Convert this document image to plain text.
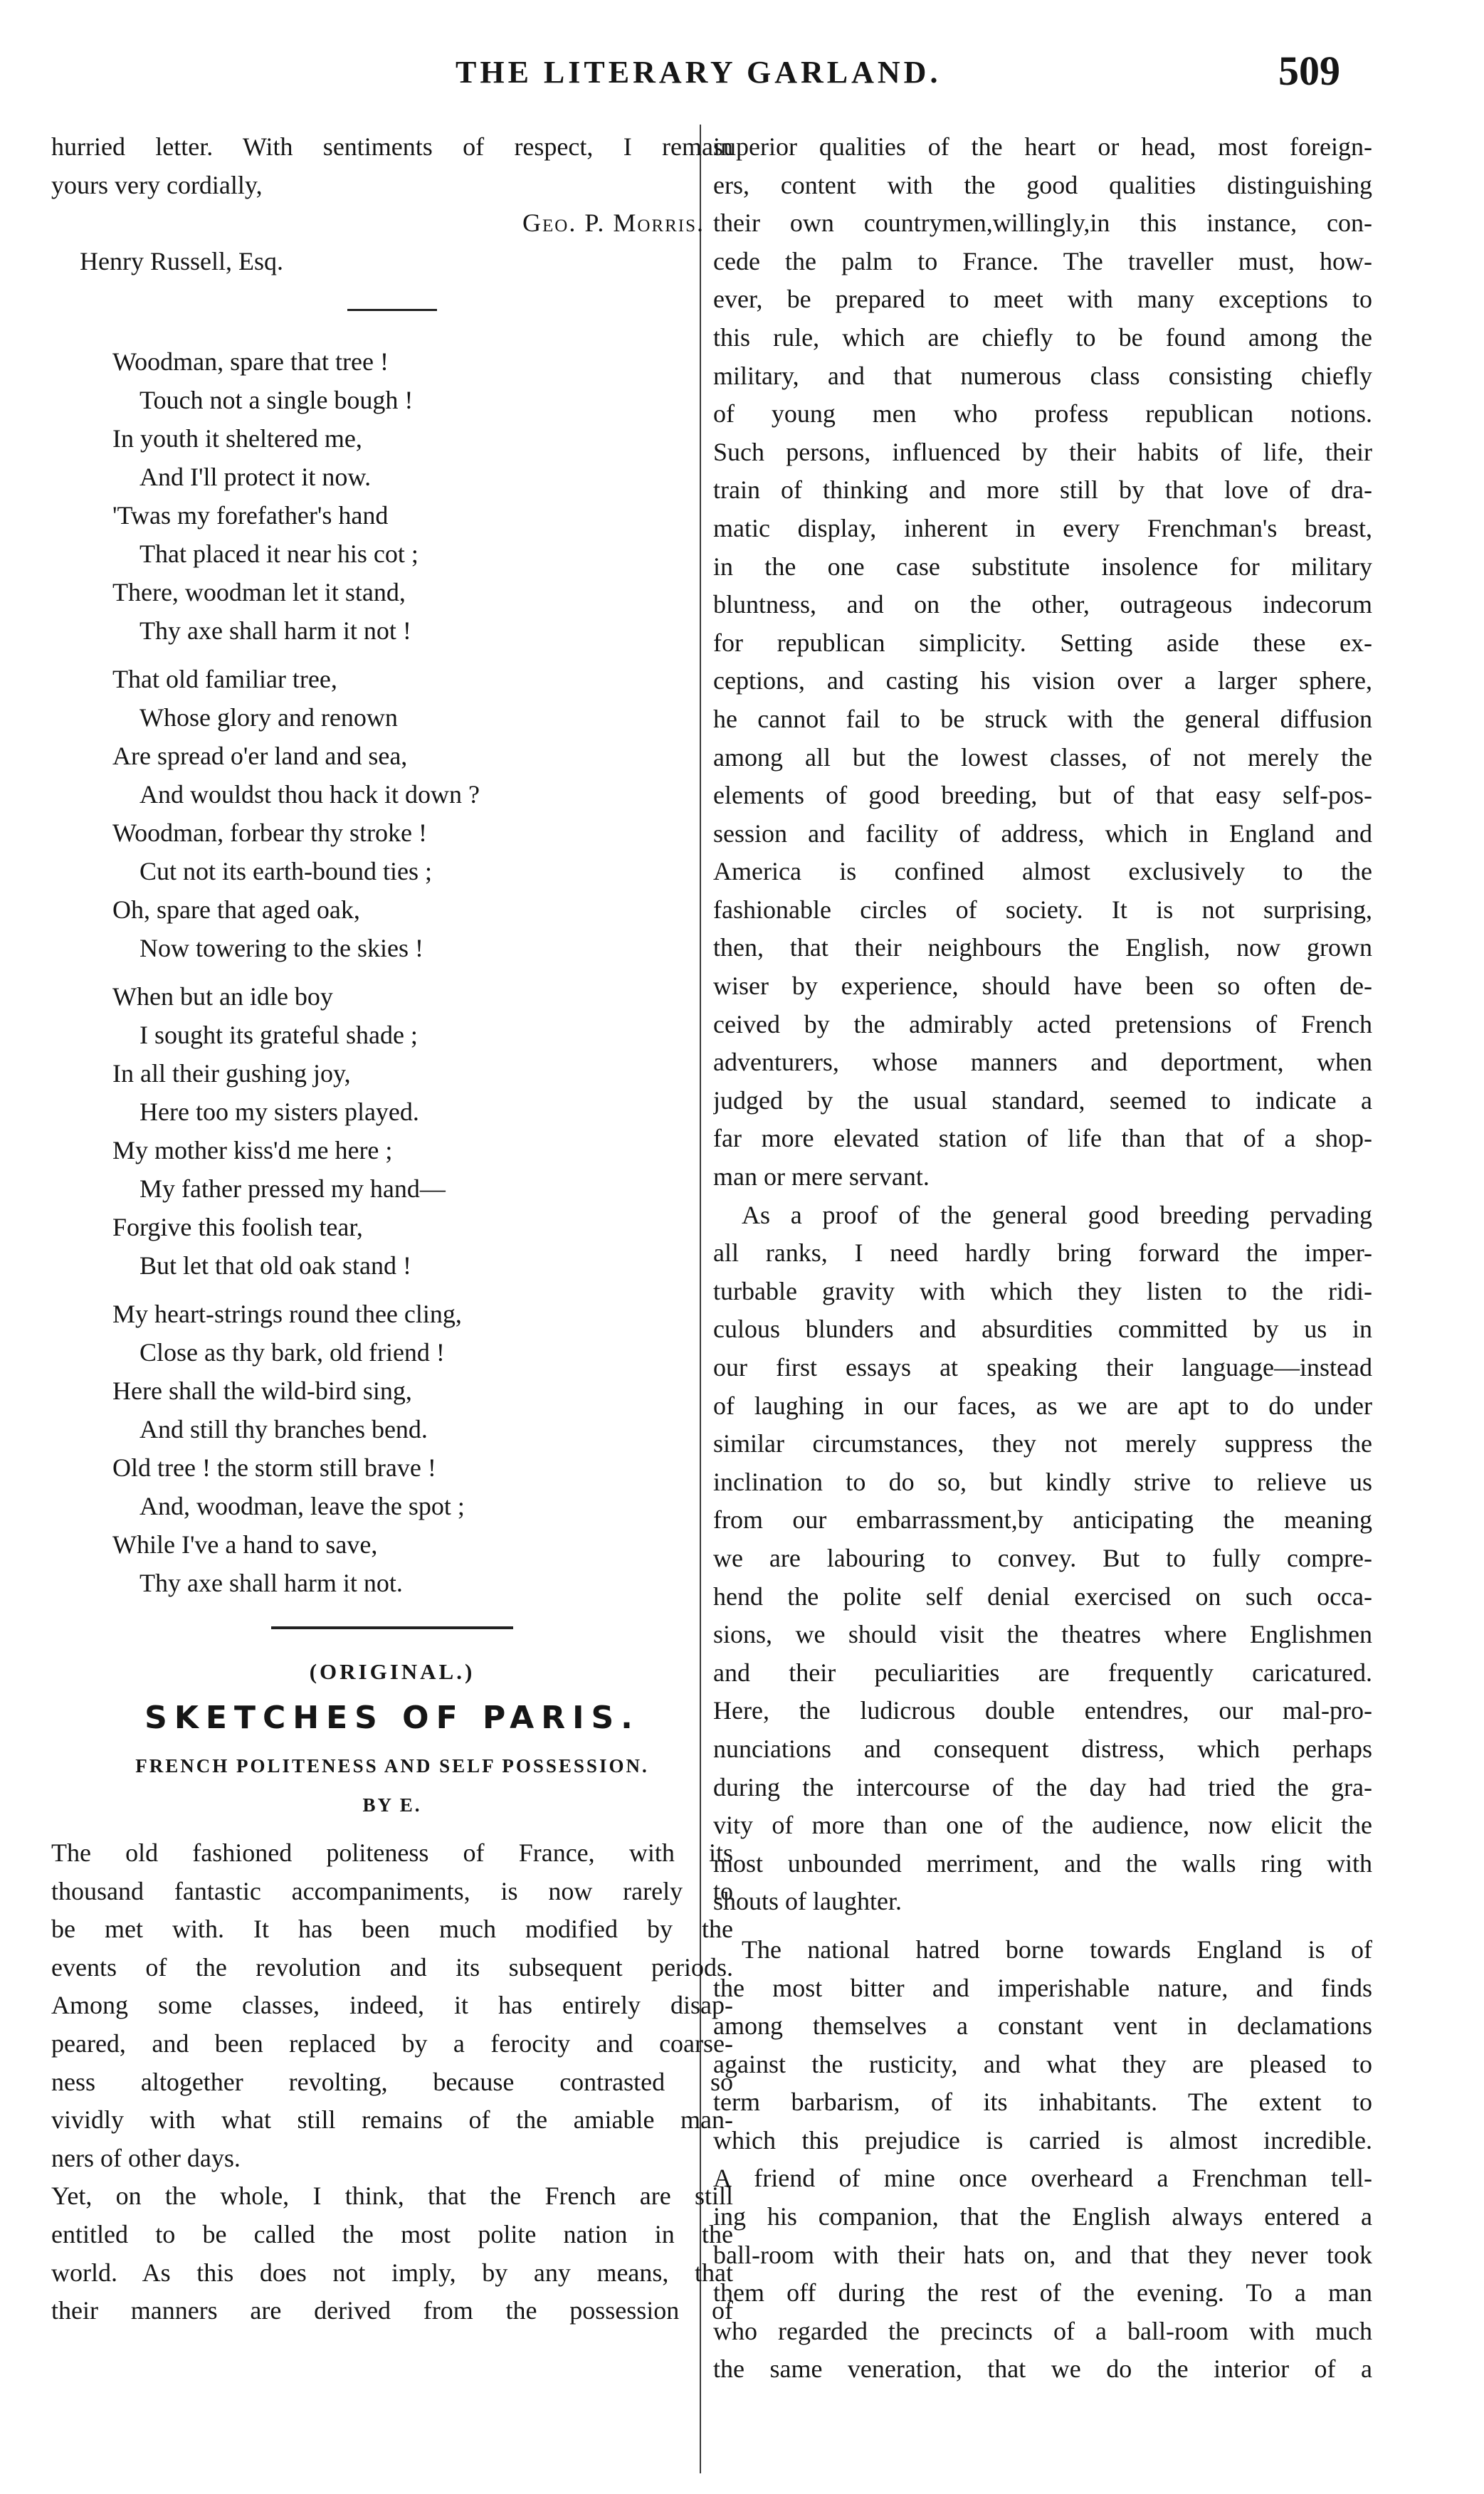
THE LITERARY GARLAND.	509
hurried letter. With sentiments of respect, I remain
yours very cordially,
Geo. P. Morris.
Henry Russell, Esq.
Woodman, spare that tree !
Touch not a single bough !
In youth it sheltered me,
And I'll protect it now.
'Twas my forefather's hand
That placed it near his cot ;
There, woodman let it stand,
Thy axe shall harm it not !
That old familiar tree,
Whose glory and renown
Are spread o'er land and sea,
And wouldst thou hack it down ?
Woodman, forbear thy stroke !
Cut not its earth-bound ties ;
Oh, spare that aged oak,
Now towering to the skies !
When but an idle boy
I sought its grateful shade ;
In all their gushing joy,
Here too my sisters played.
My mother kiss'd me here ;
My father pressed my hand—
Forgive this foolish tear,
But let that old oak stand !
My heart-strings round thee cling,
Close as thy bark, old friend !
Here shall the wild-bird sing,
And still thy branches bend.
Old tree ! the storm still brave !
And, woodman, leave the spot ;
While I've a hand to save,
Thy axe shall harm it not.

(ORIGINAL.)

SKETCHES OF PARIS.

FRENCH POLITENESS AND SELF POSSESSION.

BY E.

The old fashioned politeness of France, with its
thousand fantastic accompaniments, is now rarely to
be met with. It has been much modified by the
events of the revolution and its subsequent periods.
Among some classes, indeed, it has entirely disap-
peared, and been replaced by a ferocity and coarse-
ness altogether revolting, because contrasted so
vividly with what still remains of the amiable man-
ners of other days.
Yet, on the whole, I think, that the French are still
entitled to be called the most polite nation in the
world. As this does not imply, by any means, that
their manners are derived from the possession of
superior qualities of the heart or head, most foreign-
ers, content with the good qualities distinguishing
their own countrymen,willingly,in this instance, con-
cede the palm to France. The traveller must, how-
ever, be prepared to meet with many exceptions to
this rule, which are chiefly to be found among the
military, and that numerous class consisting chiefly
of young men who profess republican notions.
Such persons, influenced by their habits of life, their
train of thinking and more still by that love of dra-
matic display, inherent in every Frenchman's breast,
in the one case substitute insolence for military
bluntness, and on the other, outrageous indecorum
for republican simplicity. Setting aside these ex-
ceptions, and casting his vision over a larger sphere,
he cannot fail to be struck with the general diffusion
among all but the lowest classes, of not merely the
elements of good breeding, but of that easy self-pos-
session and facility of address, which in England and
America is confined almost exclusively to the
fashionable circles of society. It is not surprising,
then, that their neighbours the English, now grown
wiser by experience, should have been so often de-
ceived by the admirably acted pretensions of French
adventurers, whose manners and deportment, when
judged by the usual standard, seemed to indicate a
far more elevated station of life than that of a shop-
man or mere servant.
As a proof of the general good breeding pervading
all ranks, I need hardly bring forward the imper-
turbable gravity with which they listen to the ridi-
culous blunders and absurdities committed by us in
our first essays at speaking their language—instead
of laughing in our faces, as we are apt to do under
similar circumstances, they not merely suppress the
inclination to do so, but kindly strive to relieve us
from our embarrassment,by anticipating the meaning
we are labouring to convey. But to fully compre-
hend the polite self denial exercised on such occa-
sions, we should visit the theatres where Englishmen
and their peculiarities are frequently caricatured.
Here, the ludicrous double entendres, our mal-pro-
nunciations and consequent distress, which perhaps
during the intercourse of the day had tried the gra-
vity of more than one of the audience, now elicit the
most unbounded merriment, and the walls ring with
shouts of laughter.
The national hatred borne towards England is of
the most bitter and imperishable nature, and finds
among themselves a constant vent in declamations
against the rusticity, and what they are pleased to
term barbarism, of its inhabitants. The extent to
which this prejudice is carried is almost incredible.
A friend of mine once overheard a Frenchman tell-
ing his companion, that the English always entered a
ball-room with their hats on, and that they never took
them off during the rest of the evening. To a man
who regarded the precincts of a ball-room with much
the same veneration, that we do the interior of a
